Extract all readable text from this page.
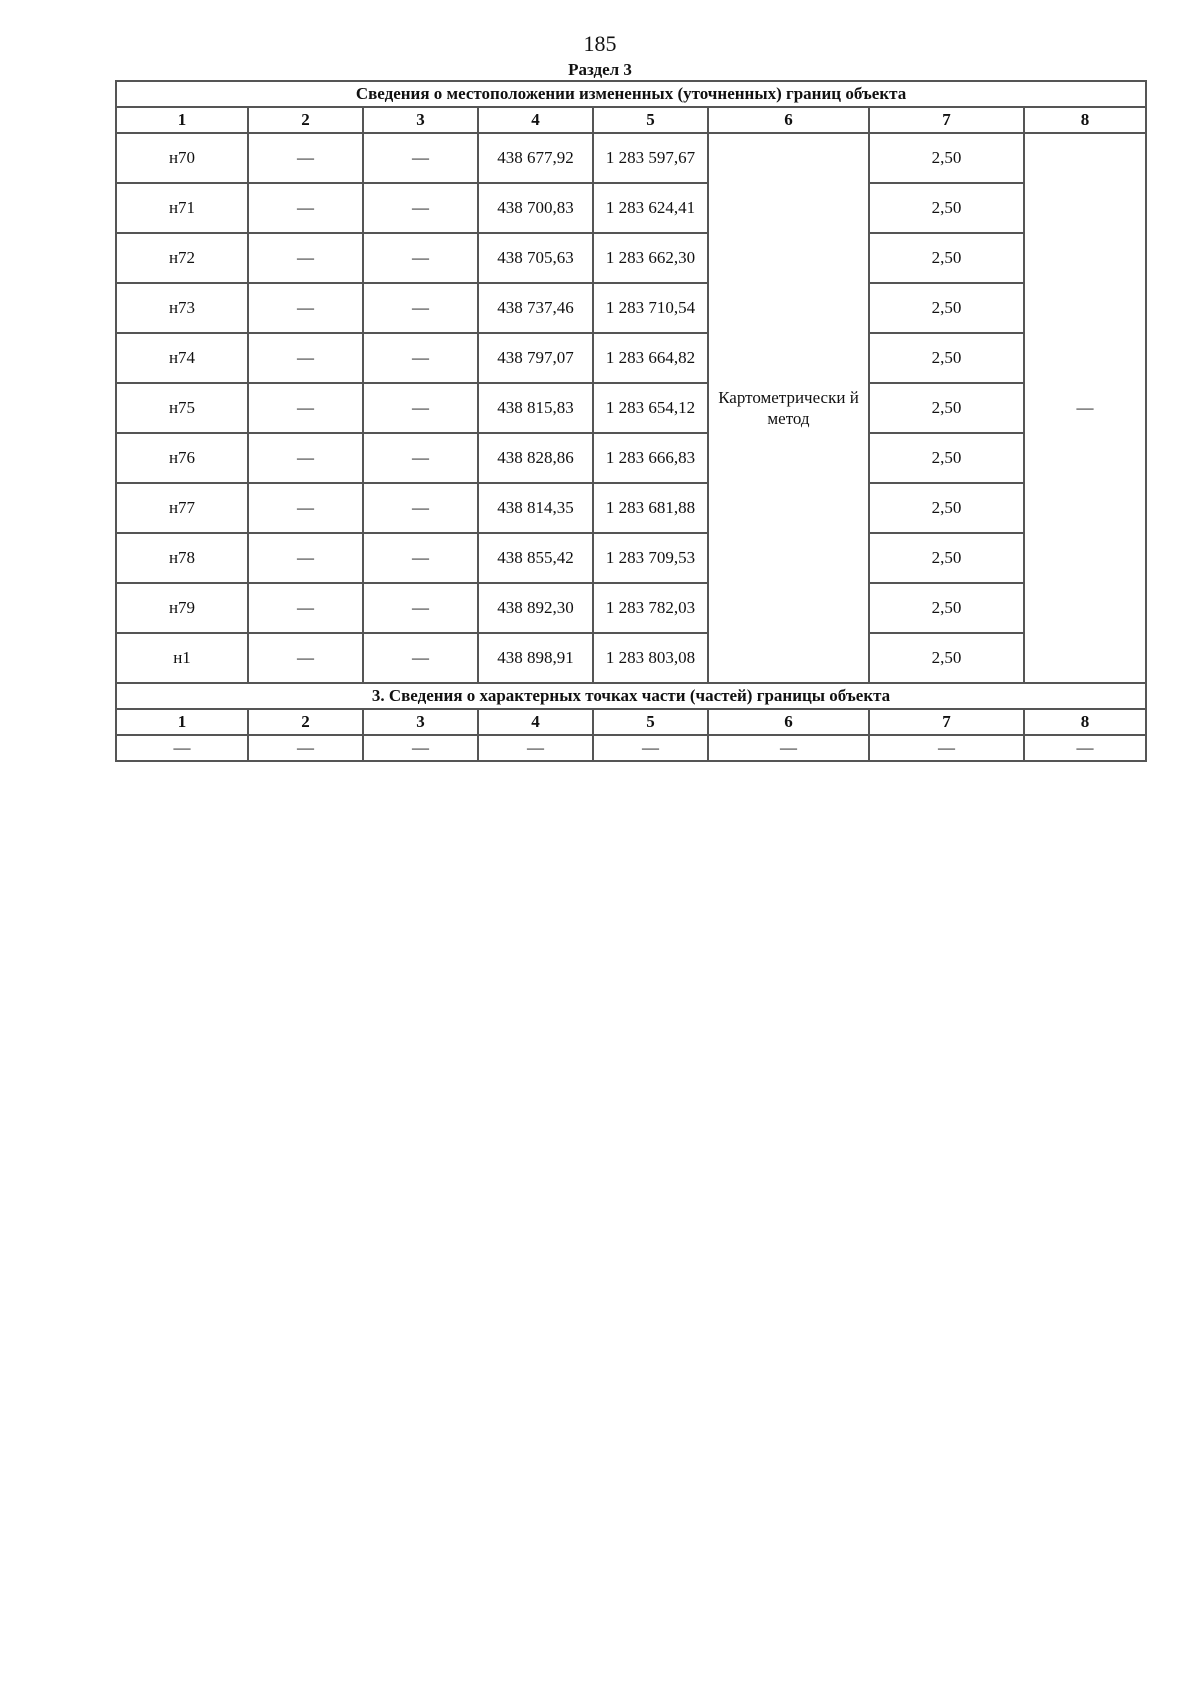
185
Раздел 3
Сведения о местоположении измененных (уточненных) границ объекта							
1	2	3	4	5	6	7	8
н70	—	—	438 677,92	1 283 597,67	Картометрически й метод	2,50	—
н71	—	—	438 700,83	1 283 624,41		2,50	
н72	—	—	438 705,63	1 283 662,30		2,50	
н73	—	—	438 737,46	1 283 710,54		2,50	
н74	—	—	438 797,07	1 283 664,82		2,50	
н75	—	—	438 815,83	1 283 654,12		2,50	
н76	—	—	438 828,86	1 283 666,83		2,50	
н77	—	—	438 814,35	1 283 681,88		2,50	
н78	—	—	438 855,42	1 283 709,53		2,50	
н79	—	—	438 892,30	1 283 782,03		2,50	
н1	—	—	438 898,91	1 283 803,08		2,50	
3. Сведения о характерных точках части (частей) границы объекта							
1	2	3	4	5	6	7	8
—	—	—	—	—	—	—	—
